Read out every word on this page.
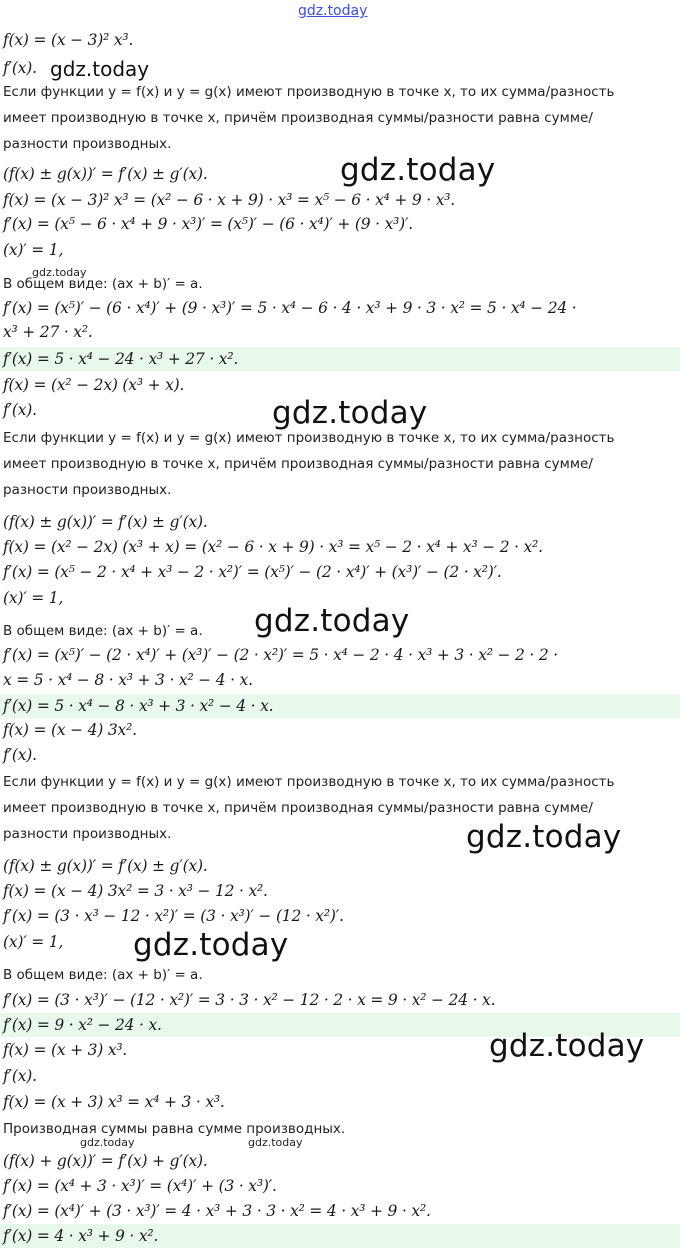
f(x) = (x − 3)² x³.
f′(x).
Если функции y = f(x) и y = g(x) имеют производную в точке x, то их сумма/разность
имеет производную в точке x, причём производная суммы/разности равна сумме/
разности производных.
(f(x) ± g(x))′ = f′(x) ± g′(x).
f(x) = (x − 3)² x³ = (x² − 6 · x + 9) · x³ = x⁵ − 6 · x⁴ + 9 · x³.
f′(x) = (x⁵ − 6 · x⁴ + 9 · x³)′ = (x⁵)′ − (6 · x⁴)′ + (9 · x³)′.
(x)′ = 1,
В общем виде: (ax + b)′ = a.
f′(x) = (x⁵)′ − (6 · x⁴)′ + (9 · x³)′ = 5 · x⁴ − 6 · 4 · x³ + 9 · 3 · x² = 5 · x⁴ − 24 ·
x³ + 27 · x².
f′(x) = 5 · x⁴ − 24 · x³ + 27 · x².
f(x) = (x² − 2x) (x³ + x).
f′(x).
Если функции y = f(x) и y = g(x) имеют производную в точке x, то их сумма/разность
имеет производную в точке x, причём производная суммы/разности равна сумме/
разности производных.
(f(x) ± g(x))′ = f′(x) ± g′(x).
f(x) = (x² − 2x) (x³ + x) = (x² − 6 · x + 9) · x³ = x⁵ − 2 · x⁴ + x³ − 2 · x².
f′(x) = (x⁵ − 2 · x⁴ + x³ − 2 · x²)′ = (x⁵)′ − (2 · x⁴)′ + (x³)′ − (2 · x²)′.
(x)′ = 1,
В общем виде: (ax + b)′ = a.
f′(x) = (x⁵)′ − (2 · x⁴)′ + (x³)′ − (2 · x²)′ = 5 · x⁴ − 2 · 4 · x³ + 3 · x² − 2 · 2 ·
x = 5 · x⁴ − 8 · x³ + 3 · x² − 4 · x.
f′(x) = 5 · x⁴ − 8 · x³ + 3 · x² − 4 · x.
f(x) = (x − 4) 3x².
f′(x).
Если функции y = f(x) и y = g(x) имеют производную в точке x, то их сумма/разность
имеет производную в точке x, причём производная суммы/разности равна сумме/
разности производных.
(f(x) ± g(x))′ = f′(x) ± g′(x).
f(x) = (x − 4) 3x² = 3 · x³ − 12 · x².
f′(x) = (3 · x³ − 12 · x²)′ = (3 · x³)′ − (12 · x²)′.
(x)′ = 1,
В общем виде: (ax + b)′ = a.
f′(x) = (3 · x³)′ − (12 · x²)′ = 3 · 3 · x² − 12 · 2 · x = 9 · x² − 24 · x.
f′(x) = 9 · x² − 24 · x.
f(x) = (x + 3) x³.
f′(x).
f(x) = (x + 3) x³ = x⁴ + 3 · x³.
Производная суммы равна сумме производных.
(f(x) + g(x))′ = f′(x) + g′(x).
f′(x) = (x⁴ + 3 · x³)′ = (x⁴)′ + (3 · x³)′.
f′(x) = (x⁴)′ + (3 · x³)′ = 4 · x³ + 3 · 3 · x² = 4 · x³ + 9 · x².
f′(x) = 4 · x³ + 9 · x².
gdz.today
gdz.today
gdz.today
gdz.today
gdz.today
gdz.today
gdz.today
gdz.today
gdz.today
gdz.today	gdz.today
